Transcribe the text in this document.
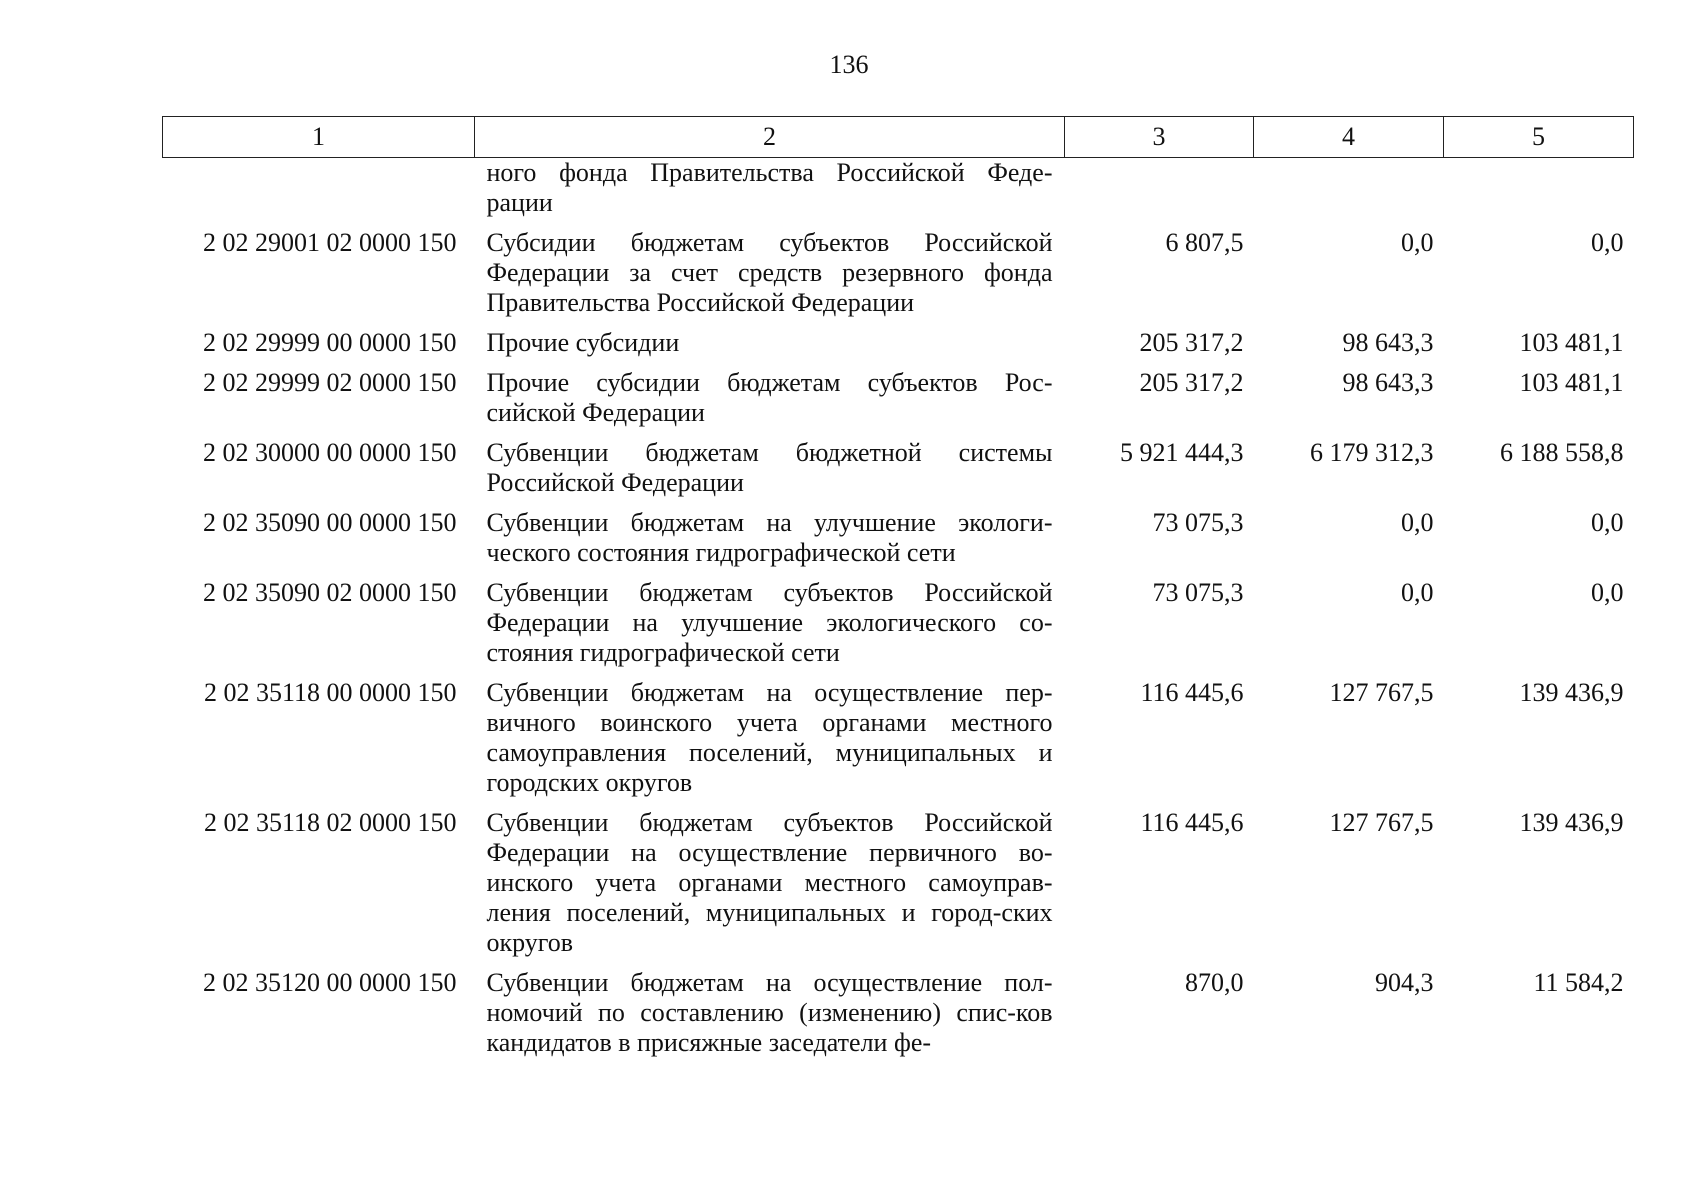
136
1	2	3	4	5
	ного фонда Правительства Российской Феде-рации			
2 02 29001 02 0000 150	Субсидии бюджетам субъектов Российской Федерации за счет средств резервного фонда Правительства Российской Федерации	6 807,5	0,0	0,0
2 02 29999 00 0000 150	Прочие субсидии	205 317,2	98 643,3	103 481,1
2 02 29999 02 0000 150	Прочие субсидии бюджетам субъектов Рос-сийской Федерации	205 317,2	98 643,3	103 481,1
2 02 30000 00 0000 150	Субвенции бюджетам бюджетной системы Российской Федерации	5 921 444,3	6 179 312,3	6 188 558,8
2 02 35090 00 0000 150	Субвенции бюджетам на улучшение экологи-ческого состояния гидрографической сети	73 075,3	0,0	0,0
2 02 35090 02 0000 150	Субвенции бюджетам субъектов Российской Федерации на улучшение экологического со-стояния гидрографической сети	73 075,3	0,0	0,0
2 02 35118 00 0000 150	Субвенции бюджетам на осуществление пер-вичного воинского учета органами местного самоуправления поселений, муниципальных и городских округов	116 445,6	127 767,5	139 436,9
2 02 35118 02 0000 150	Субвенции бюджетам субъектов Российской Федерации на осуществление первичного во-инского учета органами местного самоуправ-ления поселений, муниципальных и город-ских округов	116 445,6	127 767,5	139 436,9
2 02 35120 00 0000 150	Субвенции бюджетам на осуществление пол-номочий по составлению (изменению) спис-ков кандидатов в присяжные заседатели фе-	870,0	904,3	11 584,2
